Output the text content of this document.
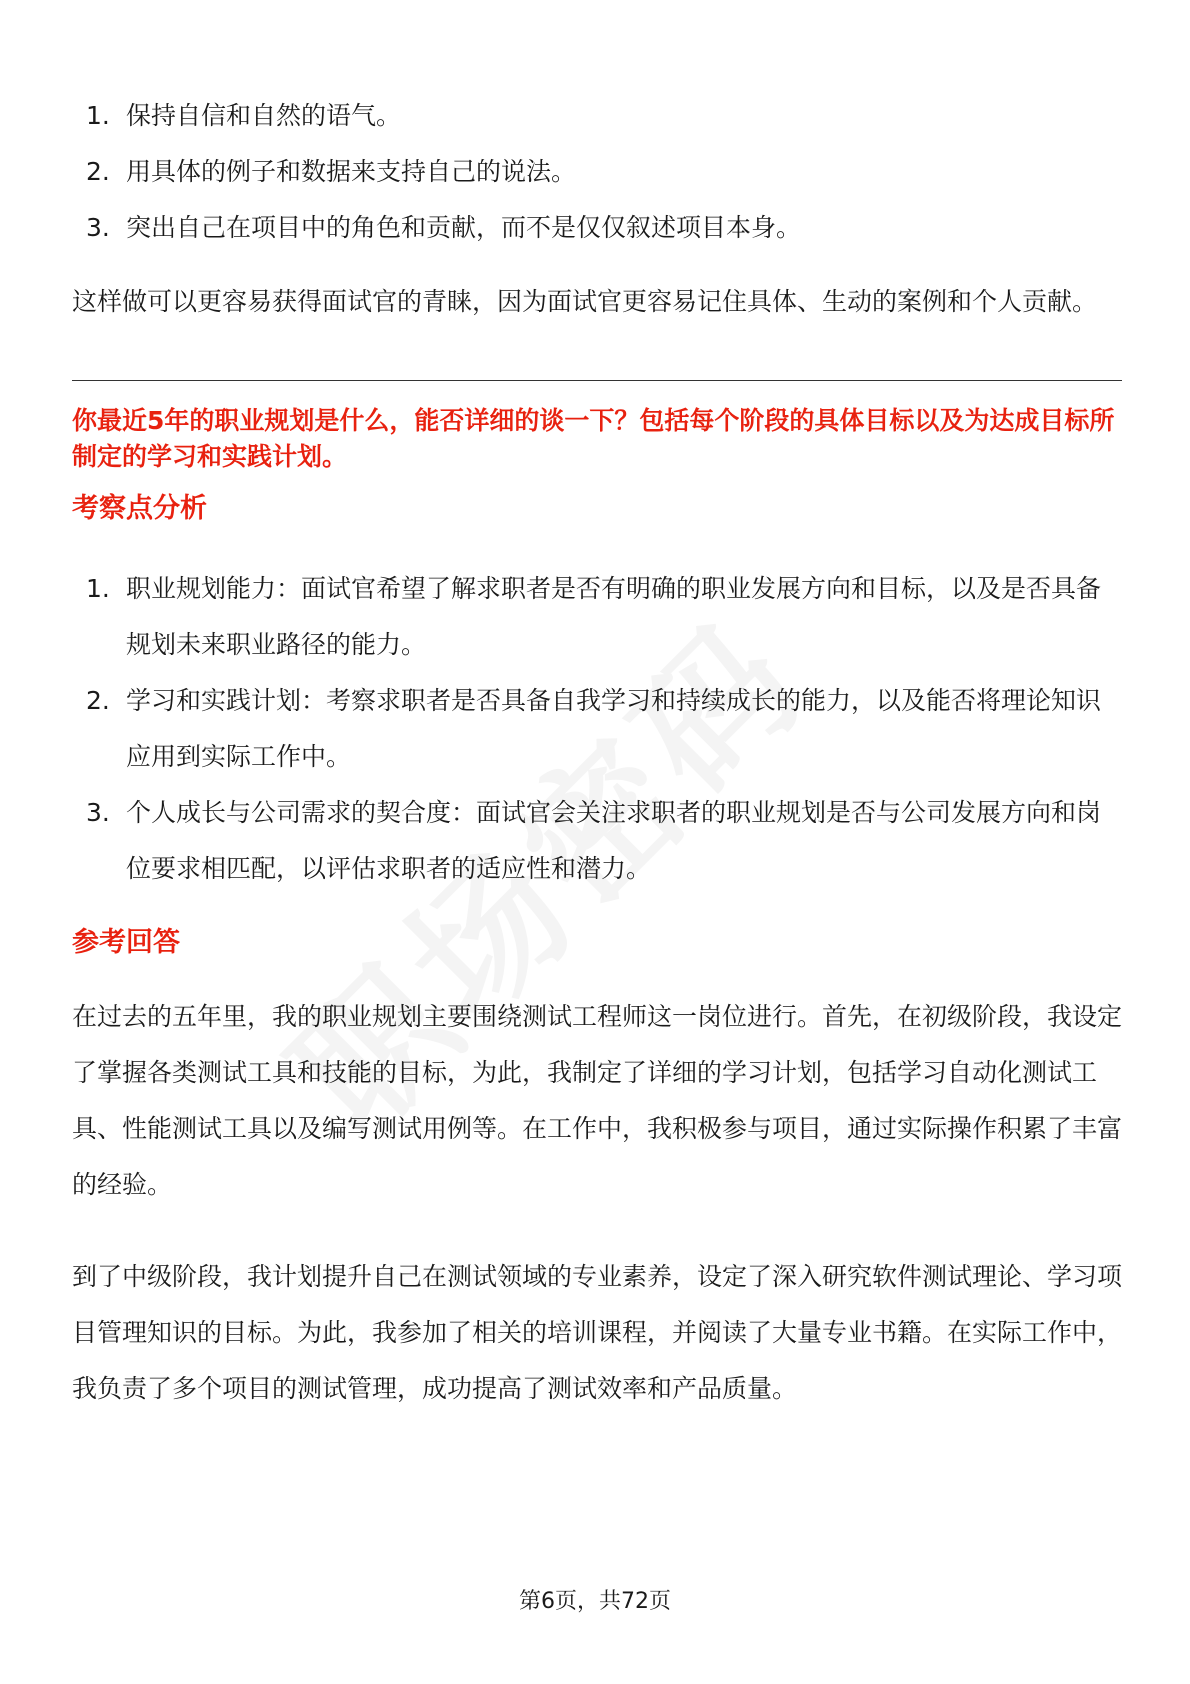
1. 保持自信和自然的语气。
2. 用具体的例子和数据来支持自己的说法。
3. 突出自己在项目中的角色和贡献，而不是仅仅叙述项目本身。

这样做可以更容易获得面试官的青睐，因为面试官更容易记住具体、生动的案例和个人贡献。

你最近5年的职业规划是什么，能否详细的谈一下？包括每个阶段的具体目标以及为达成目标所制定的学习和实践计划。
考察点分析
1. 职业规划能力：面试官希望了解求职者是否有明确的职业发展方向和目标，以及是否具备规划未来职业路径的能力。
2. 学习和实践计划：考察求职者是否具备自我学习和持续成长的能力，以及能否将理论知识应用到实际工作中。
3. 个人成长与公司需求的契合度：面试官会关注求职者的职业规划是否与公司发展方向和岗位要求相匹配，以评估求职者的适应性和潜力。
参考回答

在过去的五年里，我的职业规划主要围绕测试工程师这一岗位进行。首先，在初级阶段，我设定了掌握各类测试工具和技能的目标，为此，我制定了详细的学习计划，包括学习自动化测试工具、性能测试工具以及编写测试用例等。在工作中，我积极参与项目，通过实际操作积累了丰富的经验。

到了中级阶段，我计划提升自己在测试领域的专业素养，设定了深入研究软件测试理论、学习项目管理知识的目标。为此，我参加了相关的培训课程，并阅读了大量专业书籍。在实际工作中，我负责了多个项目的测试管理，成功提高了测试效率和产品质量。

第6页，共72页
